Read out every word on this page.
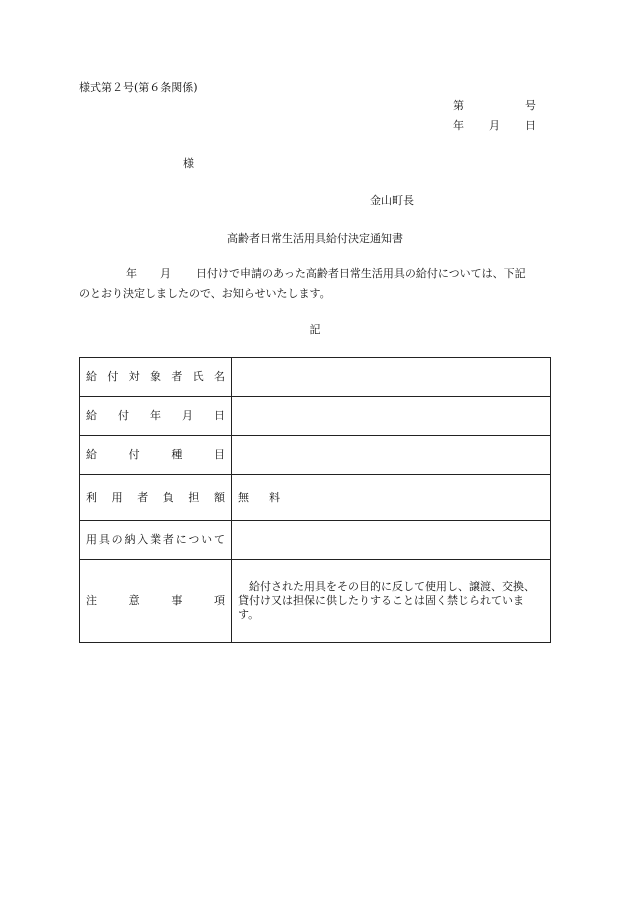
様式第２号(第６条関係)
第	号
年 月 日
様
金山町長
高齢者日常生活用具給付決定通知書
年 月 日付けで申請のあった高齢者日常生活用具の給付については、下記
のとおり決定しましたので、お知らせいたします。
記
給付対象者氏名	
給付年月日	
給付種目	
利用者負担額	無料
用具の納入業者について	
注意事項	給付された用具をその目的に反して使用し、譲渡、交換、貸付け又は担保に供したりすることは固く禁じられています。
